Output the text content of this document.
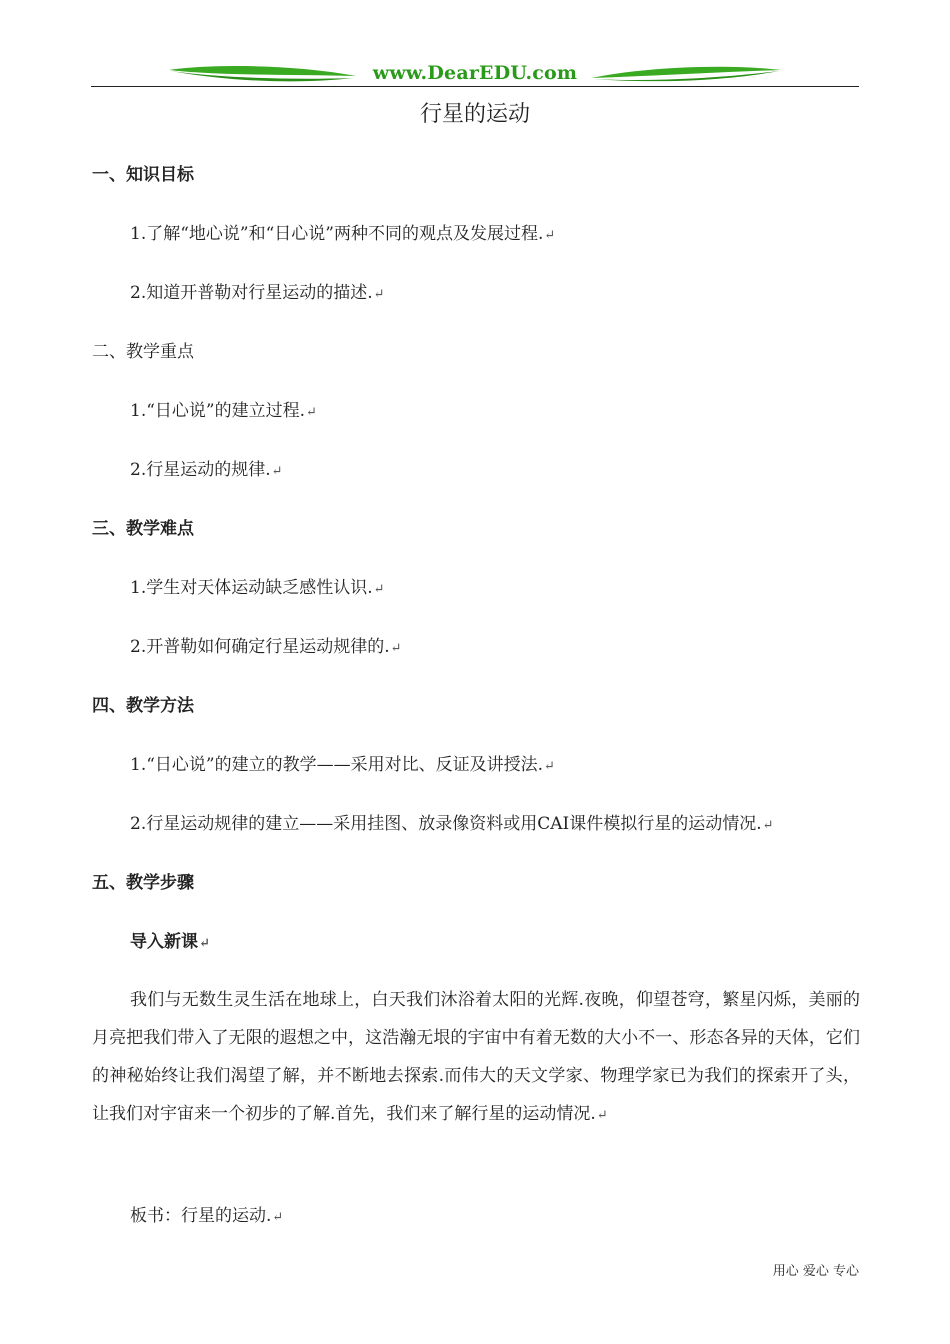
www.DearEDU.com
行星的运动
一、知识目标
1.了解“地心说”和“日心说”两种不同的观点及发展过程.↵
2.知道开普勒对行星运动的描述.↵
二、教学重点
1.“日心说”的建立过程.↵
2.行星运动的规律.↵
三、教学难点
1.学生对天体运动缺乏感性认识.↵
2.开普勒如何确定行星运动规律的.↵
四、教学方法
1.“日心说”的建立的教学——采用对比、反证及讲授法.↵
2.行星运动规律的建立——采用挂图、放录像资料或用CAI课件模拟行星的运动情况.↵
五、教学步骤
导入新课↵
我们与无数生灵生活在地球上，白天我们沐浴着太阳的光辉.夜晚，仰望苍穹，繁星闪烁，美丽的月亮把我们带入了无限的遐想之中，这浩瀚无垠的宇宙中有着无数的大小不一、形态各异的天体，它们的神秘始终让我们渴望了解，并不断地去探索.而伟大的天文学家、物理学家已为我们的探索开了头，让我们对宇宙来一个初步的了解.首先，我们来了解行星的运动情况.↵
板书：行星的运动.↵
用心 爱心 专心
